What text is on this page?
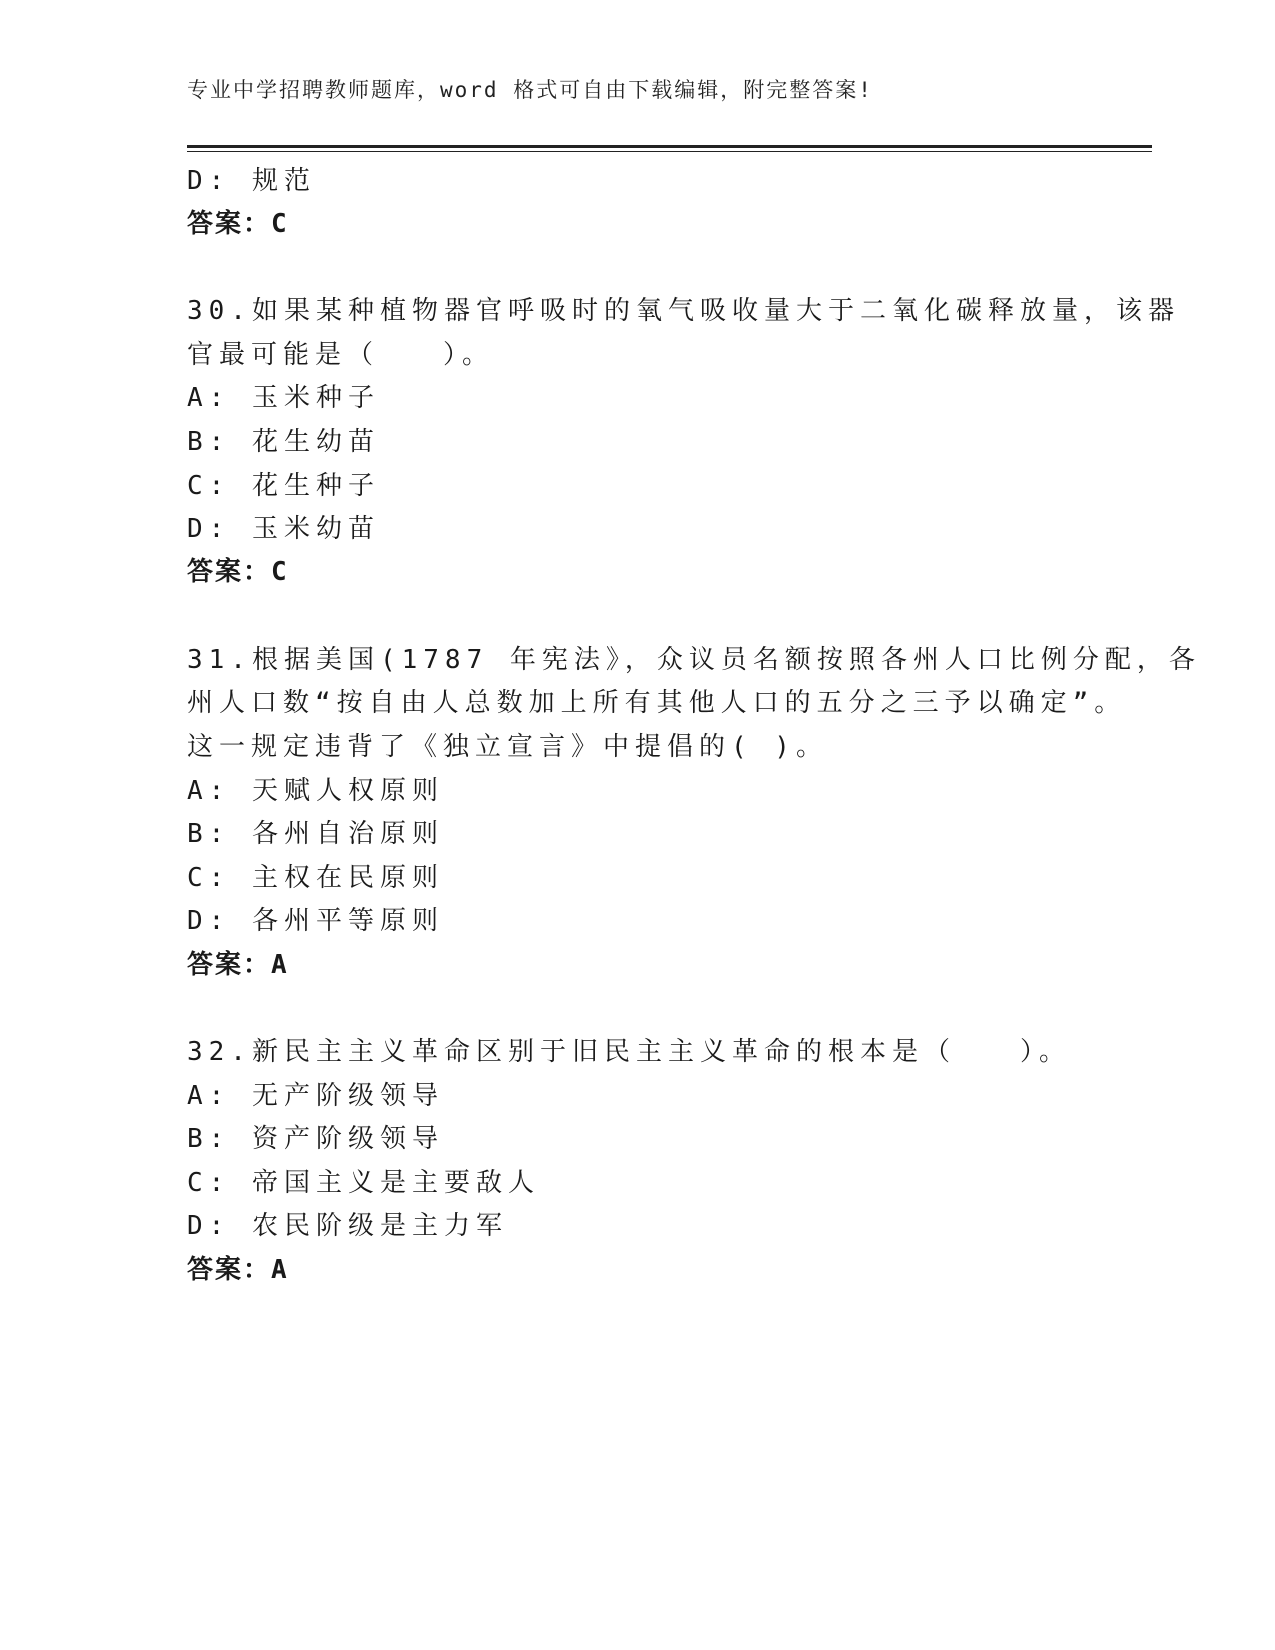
专业中学招聘教师题库，word 格式可自由下载编辑，附完整答案!
D: 规范
答案：C
30.如果某种植物器官呼吸时的氧气吸收量大于二氧化碳释放量，该器
官最可能是（　　）。
A: 玉米种子
B: 花生幼苗
C: 花生种子
D: 玉米幼苗
答案：C
31.根据美国(1787 年宪法》，众议员名额按照各州人口比例分配，各
州人口数“按自由人总数加上所有其他人口的五分之三予以确定”。
这一规定违背了《独立宣言》中提倡的( )。
A: 天赋人权原则
B: 各州自治原则
C: 主权在民原则
D: 各州平等原则
答案：A
32.新民主主义革命区别于旧民主主义革命的根本是（　　）。
A: 无产阶级领导
B: 资产阶级领导
C: 帝国主义是主要敌人
D: 农民阶级是主力军
答案：A
